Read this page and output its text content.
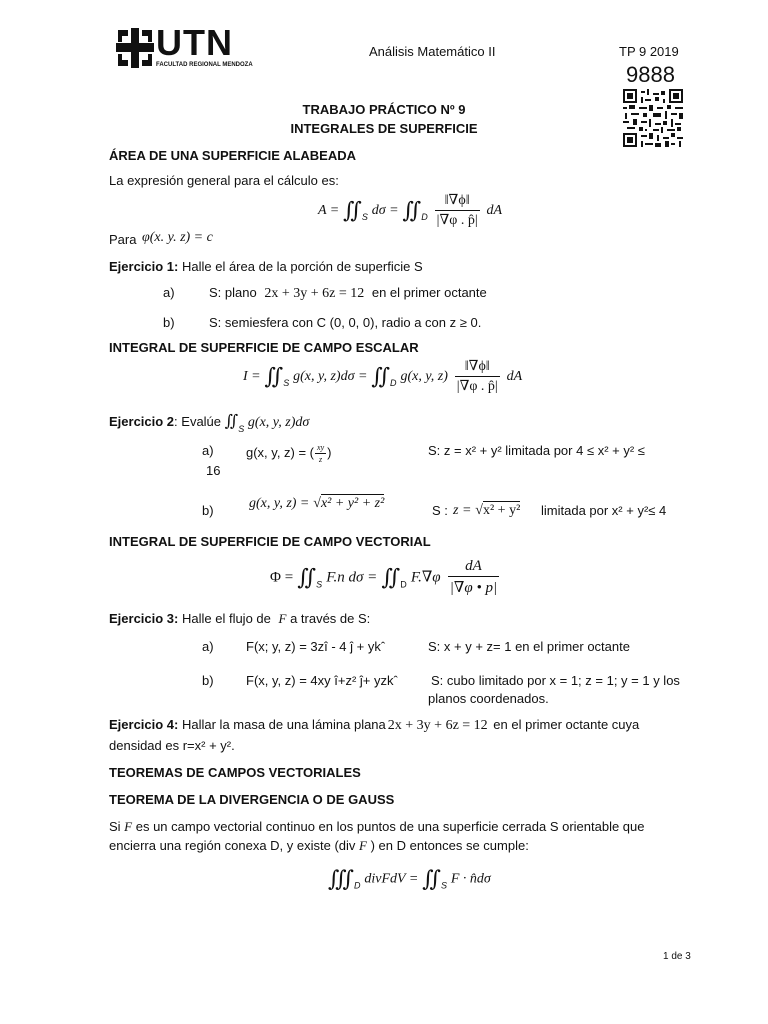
UTN
FACULTAD REGIONAL MENDOZA
Análisis Matemático II	TP 9 2019
9888
TRABAJO PRÁCTICO Nº 9
INTEGRALES DE SUPERFICIE
ÁREA DE UNA SUPERFICIE ALABEADA
La expresión general para el cálculo es:
$A = ∬_S$ $d\sigma = ∬_D \frac{‖\nabla\phi‖}{|\nabla\varphi . p̂|}$ dA
Para φ(x. y. z) = c
Ejercicio 1: Halle el área de la porción de superficie S
a)	S: plano 2x + 3y + 6z = 12 en el primer octante
b)	S: semiesfera con C (0, 0, 0), radio a con z ≥ 0.
INTEGRAL DE SUPERFICIE DE CAMPO ESCALAR
$I = ∬_S$ g(x, y, $z)d\sigma = ∬_D$ g(x, y, $z) \frac{‖\nabla\phi‖}{|\nabla\varphi . p̂|}$ dA
Ejercicio 2: Evalúe $∬_S$ g(x, y, z)dσ
a) g(x, y, z) = ( $\frac{xy}{z}$ )	S: z = x² + y² limitada por 4 ≤ x² + y² ≤
16
b)	g(x, y, z) = √x² + y² + z²	S : z = √x² + y² limitada por x² + y²≤ 4
INTEGRAL DE SUPERFICIE DE CAMPO VECTORIAL
$\Phi = ∬_S$ F.n $d\sigma = ∬_D$ $F.\nabla\varphi \frac{dA}{|\nabla\varphi • p|}$
Ejercicio 3: Halle el flujo de F a través de S:
a) F(x; y, z) = 3zî - 4 ĵ + ykˆ	S: x + y + z= 1 en el primer octante
b) F(x, y, z) = 4xy î+z² ĵ+ yzkˆ	S: cubo limitado por x = 1; z = 1; y = 1 y los
planos coordenados.
Ejercicio 4: Hallar la masa de una lámina plana 2x + 3y + 6z = 12 en el primer octante cuya
densidad es r=x² + y².
TEOREMAS DE CAMPOS VECTORIALES
TEOREMA DE LA DIVERGENCIA O DE GAUSS
Si F es un campo vectorial continuo en los puntos de una superficie cerrada S orientable que
encierra una región conexa D, y existe (div F ) en D entonces se cumple:
$∭_D$ divFdV = $∬_S$ F · n̂dσ
1 de 3
